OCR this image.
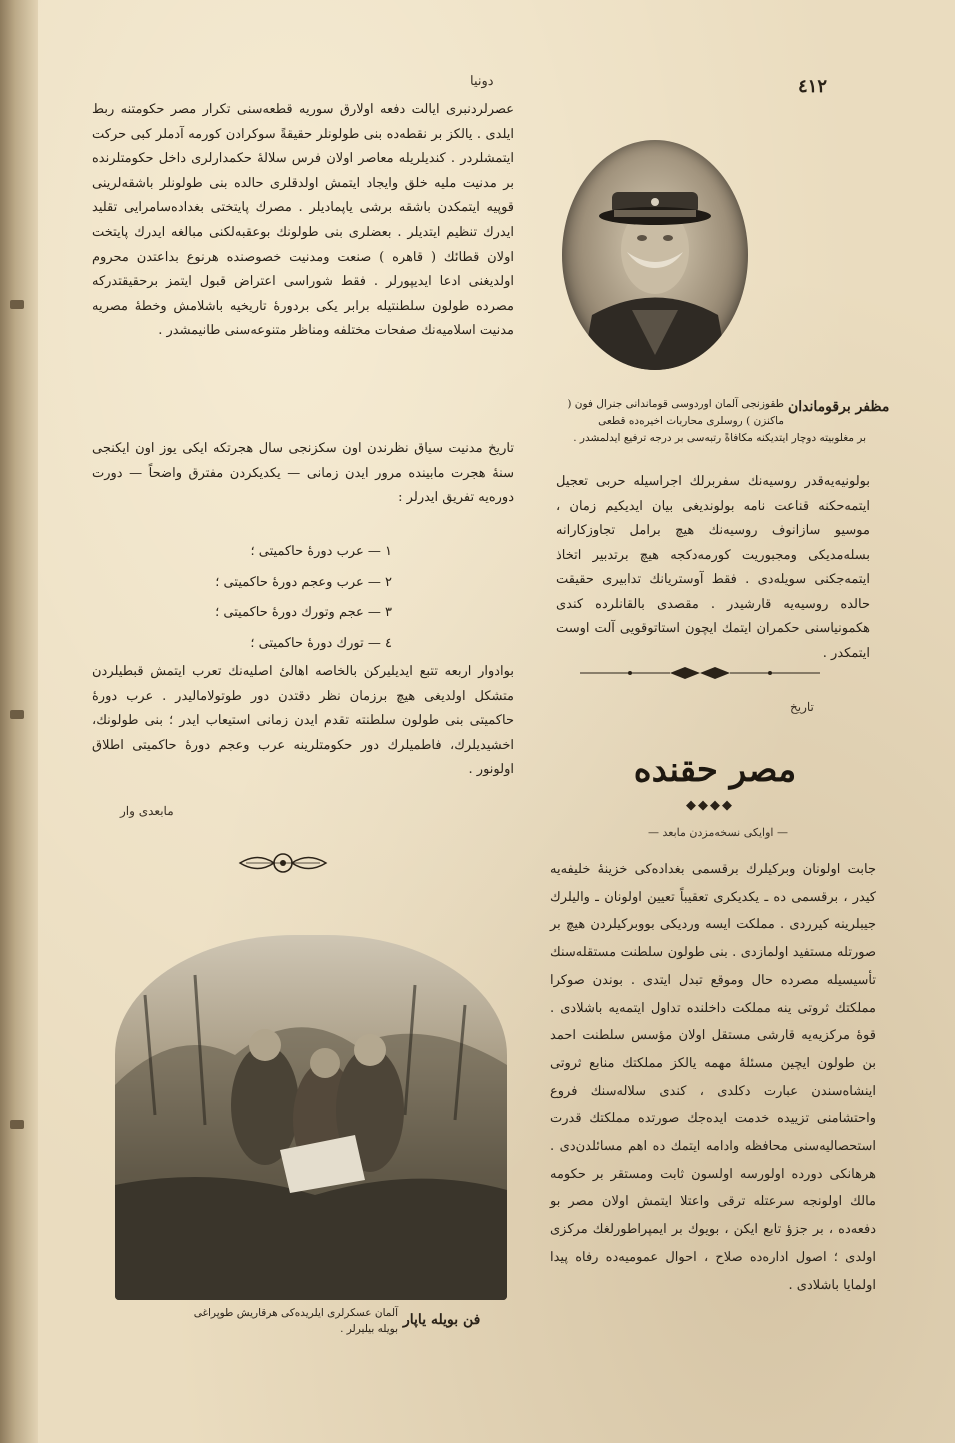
دونیا	٤١٢

عصرلردنبری ایالت دفعه اولارق سوریه قطعه‌سنی تکرار مصر حکومتنه ربط ایلدی . یالکز بر نقطه‌ده بنی طولونلر حقیقةً سوکرادن کورمه آدملر کبی حرکت ایتمشلردر . کندیلریله معاصر اولان فرس سلاله‌ٔ حکمدارلری داخل حکومتلرنده بر مدنیت ملیه خلق وایجاد ایتمش اولدقلری حالده بنی طولونلر باشقه‌لرینی قوپیه ایتمکدن باشقه برشی یاپمادیلر . مصرك پایتختی بغداده‌سامرایی تقلید ایدرك تنظیم ایتدیلر . بعضلری بنی طولونك بوعقبه‌لکنی مبالغه ایدرك پایتخت اولان قطائك ( قاهره ) صنعت ومدنیت خصوصنده هرنوع بداعتدن محروم اولدیغنی ادعا ایدیپورلر . فقط شوراسی اعتراض قبول ایتمز برحقیقتدرکه مصرده طولون سلطنتیله برابر یکی بردورهٔ تاریخیه باشلامش وخطه‌ٔ مصریه مدنیت اسلامیه‌نك صفحات مختلفه ومناظر متنوعه‌سنی طانیمشدر .

تاریخ مدنیت سیاق نظرندن اون سکزنجی سال هجرتکه ایکی یوز اون ایکنجی سنهٔ هجرت مابینده مرور ایدن زمانی — یکدیکردن مفترق واضحاً — دورت دوره‌یه تفریق ایدرلر :

١ — عرب دورهٔ حاکمیتی ؛
٢ — عرب وعجم دورهٔ حاکمیتی ؛
٣ — عجم وتورك دورهٔ حاکمیتی ؛
٤ — تورك دورهٔ حاکمیتی ؛

بوادوار اربعه تتبع ایدیلیرکن بالخاصه اهالیٔ اصلیه‌نك تعرب ایتمش قبطیلردن متشکل اولدیغی هیچ برزمان نظر دقتدن دور طوتولامالیدر . عرب دورهٔ حاکمیتی بنی طولون سلطنته تقدم ایدن زمانی استیعاب ایدر ؛ بنی طولونك، اخشیدیلرك، فاطمیلرك دور حکومتلرینه عرب وعجم دورهٔ حاکمیتی اطلاق اولونور .

مابعدی وار
مظفر برقوماندان
طقوزنجی آلمان اوردوسی قوماندانی جنرال فون ( ماکنزن ) روسلری محاربات اخیره‌ده قطعی
بر مغلوبیته دوچار ایتدیکنه مکافاةً رتبه‌سی بر درجه ترفیع ایدلمشدر .

بولونیه‌یه‌قدر روسیه‌نك سفربرلك اجراسیله حربی تعجیل ایتمه‌حکنه قناعت نامه بولوندیغی بیان ایدیکیم زمان ، موسیو سازانوف روسیه‌نك هیچ برامل تجاوزکارانه بسله‌مدیکی ومجبوریت کورمه‌دکجه هیچ برتدبیر اتخاذ ایتمه‌جکنی سویله‌دی . فقط آوستریانك تدابیری حقیقت حالده روسیه‌یه قارشیدر . مقصدی بالقانلرده کندی هکمونیاسنی حکمران ایتمك ایچون استاتوقویی آلت اوست ایتمکدر .

تاریخ
مصر حقنده
◆◆◆◆
— اوایکی نسخه‌مزدن مابعد —

جابت اولونان وبرکیلرك برقسمی بغداده‌کی خزینهٔ خلیفه‌یه کیدر ، برقسمی ده ـ یکدیکری تعقیباً تعیین اولونان ـ والیلرك جیبلرینه کیرردی . مملکت ایسه وردیکی بووبرکیلردن هیچ بر صورتله مستفید اولمازدی . بنی طولون سلطنت مستقله‌سنك تأسیسیله مصرده حال وموقع تبدل ایتدی . بوندن صوکرا مملکتك ثروتی ینه مملکت داخلنده تداول ایتمه‌یه باشلادی . قوهٔ مرکزیه‌یه قارشی مستقل اولان مؤسس سلطنت احمد بن طولون ایچین مسئلهٔ مهمه یالکز مملکتك منابع ثروتی اینشاه‌سندن عبارت دکلدی ، کندی سلاله‌سنك فروع واحتشامنی تزییده خدمت ایده‌جك صورتده مملکتك قدرت استحصالیه‌سنی محافظه وادامه ایتمك ده اهم مسائلدن‌دی . هرهانکی دورده اولورسه اولسون ثابت ومستقر بر حکومه مالك اولونجه سرعتله ترقی واعتلا ایتمش اولان مصر بو دفعه‌ده ، بر جزؤ تابع ایکن ، بویوك بر ایمپراطورلغك مرکزی اولدی ؛ اصول اداره‌ده صلاح ، احوال عمومیه‌ده رفاه پیدا اولمایا باشلادی .

فن بویله یاپار
آلمان عسکرلری ایلریده‌کی هرقاریش طوپراغی بویله بیلیرلر .
